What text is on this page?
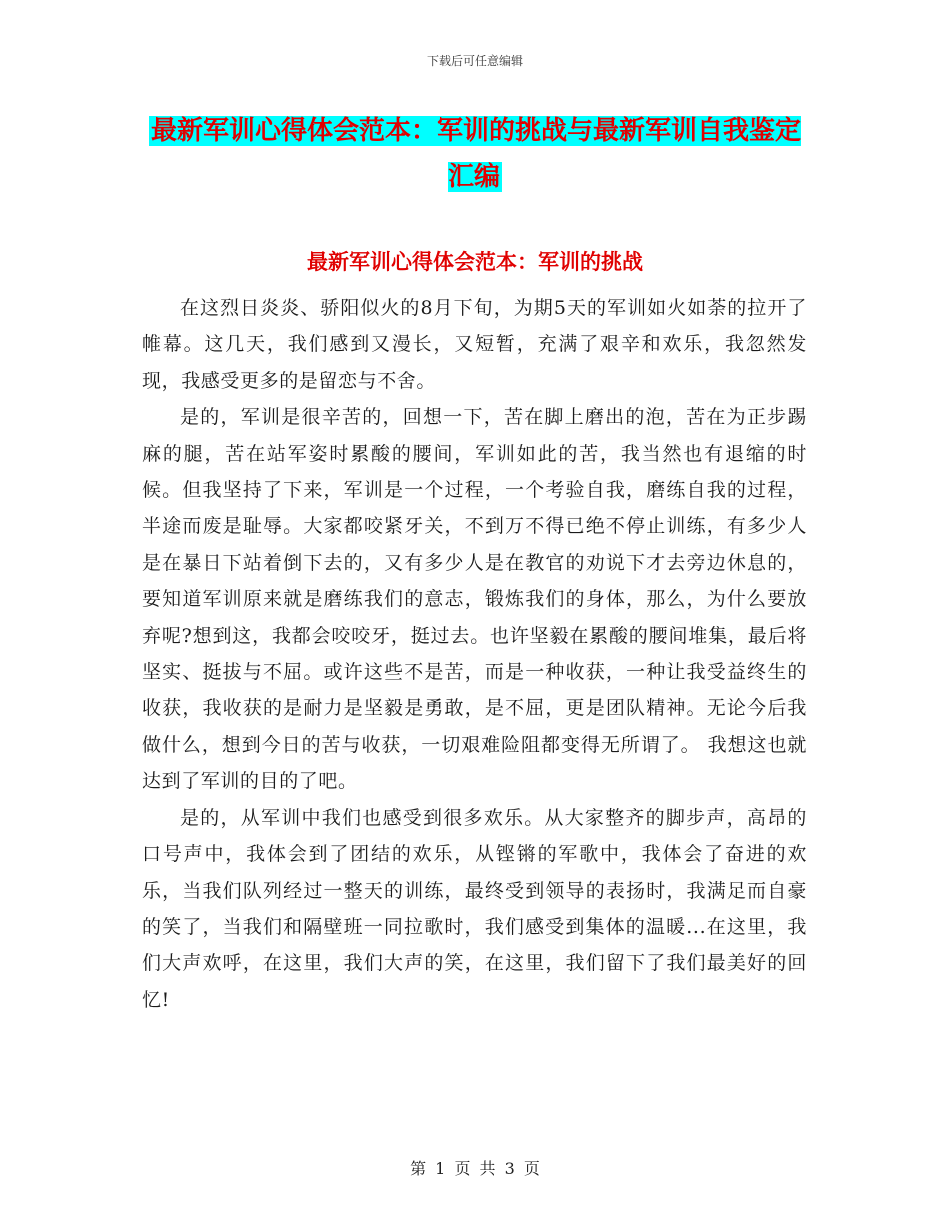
下载后可任意编辑
最新军训心得体会范本：军训的挑战与最新军训自我鉴定汇编
最新军训心得体会范本：军训的挑战

在这烈日炎炎、骄阳似火的8月下旬，为期5天的军训如火如荼的拉开了帷幕。这几天，我们感到又漫长，又短暂，充满了艰辛和欢乐，我忽然发现，我感受更多的是留恋与不舍。

是的，军训是很辛苦的，回想一下，苦在脚上磨出的泡，苦在为正步踢麻的腿，苦在站军姿时累酸的腰间，军训如此的苦，我当然也有退缩的时候。但我坚持了下来，军训是一个过程，一个考验自我，磨练自我的过程，半途而废是耻辱。大家都咬紧牙关，不到万不得已绝不停止训练，有多少人是在暴日下站着倒下去的，又有多少人是在教官的劝说下才去旁边休息的，要知道军训原来就是磨练我们的意志，锻炼我们的身体，那么，为什么要放弃呢?想到这，我都会咬咬牙，挺过去。也许坚毅在累酸的腰间堆集，最后将坚实、挺拔与不屈。或许这些不是苦，而是一种收获，一种让我受益终生的收获，我收获的是耐力是坚毅是勇敢，是不屈，更是团队精神。无论今后我做什么，想到今日的苦与收获，一切艰难险阻都变得无所谓了。 我想这也就达到了军训的目的了吧。

是的，从军训中我们也感受到很多欢乐。从大家整齐的脚步声，高昂的口号声中，我体会到了团结的欢乐，从铿锵的军歌中，我体会了奋进的欢乐，当我们队列经过一整天的训练，最终受到领导的表扬时，我满足而自豪的笑了，当我们和隔壁班一同拉歌时，我们感受到集体的温暖...在这里，我们大声欢呼，在这里，我们大声的笑，在这里，我们留下了我们最美好的回忆!

第 1 页 共 3 页
